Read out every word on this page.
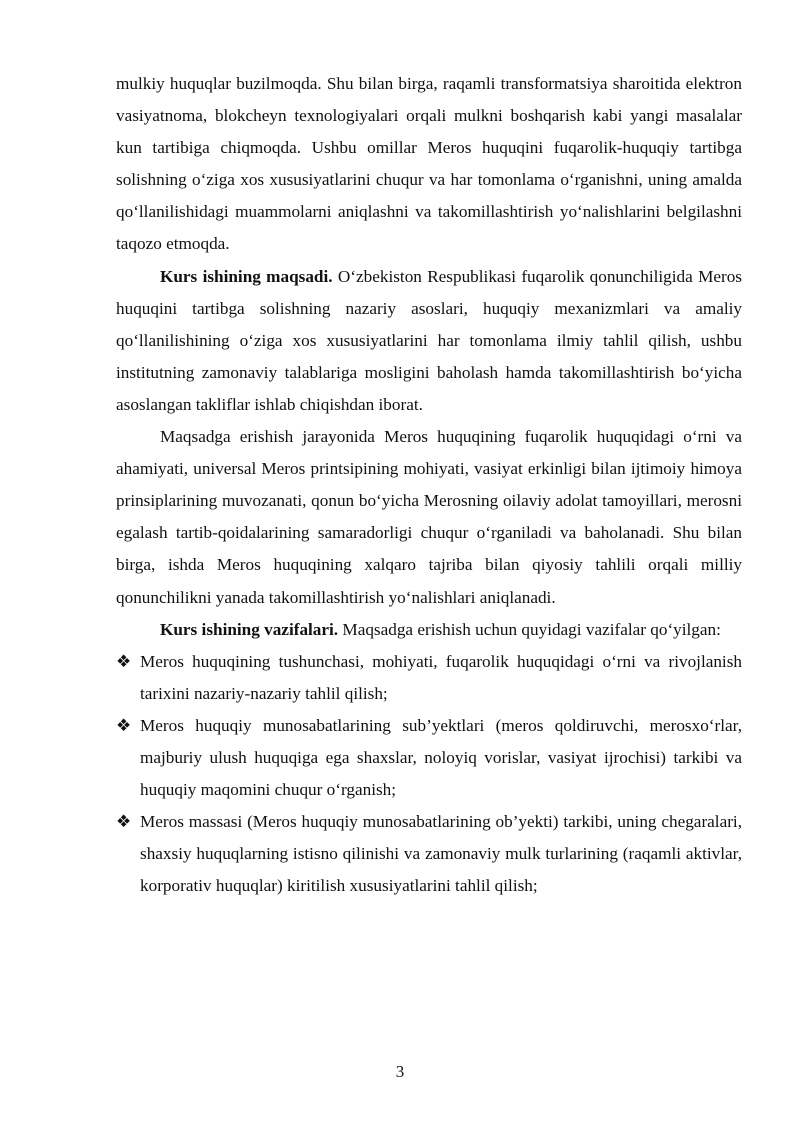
mulkiy huquqlar buzilmoqda. Shu bilan birga, raqamli transformatsiya sharoitida elektron vasiyatnoma, blokcheyn texnologiyalari orqali mulkni boshqarish kabi yangi masalalar kun tartibiga chiqmoqda. Ushbu omillar Meros huquqini fuqarolik-huquqiy tartibga solishning o‘ziga xos xususiyatlarini chuqur va har tomonlama o‘rganishni, uning amalda qo‘llanilishidagi muammolarni aniqlashni va takomillashtirish yo‘nalishlarini belgilashni taqozo etmoqda.

Kurs ishining maqsadi. O‘zbekiston Respublikasi fuqarolik qonunchiligida Meros huquqini tartibga solishning nazariy asoslari, huquqiy mexanizmlari va amaliy qo‘llanilishining o‘ziga xos xususiyatlarini har tomonlama ilmiy tahlil qilish, ushbu institutning zamonaviy talablariga mosligini baholash hamda takomillashtirish bo‘yicha asoslangan takliflar ishlab chiqishdan iborat.

Maqsadga erishish jarayonida Meros huquqining fuqarolik huquqidagi o‘rni va ahamiyati, universal Meros printsipining mohiyati, vasiyat erkinligi bilan ijtimoiy himoya prinsiplarining muvozanati, qonun bo‘yicha Merosning oilaviy adolat tamoyillari, merosni egalash tartib-qoidalarining samaradorligi chuqur o‘rganiladi va baholanadi. Shu bilan birga, ishda Meros huquqining xalqaro tajriba bilan qiyosiy tahlili orqali milliy qonunchilikni yanada takomillashtirish yo‘nalishlari aniqlanadi.

Kurs ishining vazifalari. Maqsadga erishish uchun quyidagi vazifalar qo‘yilgan:

❖ Meros huquqining tushunchasi, mohiyati, fuqarolik huquqidagi o‘rni va rivojlanish tarixini nazariy-nazariy tahlil qilish;
❖ Meros huquqiy munosabatlarining sub’yektlari (meros qoldiruvchi, merosxo‘rlar, majburiy ulush huquqiga ega shaxslar, noloyiq vorislar, vasiyat ijrochisi) tarkibi va huquqiy maqomini chuqur o‘rganish;
❖ Meros massasi (Meros huquqiy munosabatlarining ob’yekti) tarkibi, uning chegaralari, shaxsiy huquqlarning istisno qilinishi va zamonaviy mulk turlarining (raqamli aktivlar, korporativ huquqlar) kiritilish xususiyatlarini tahlil qilish;
3
